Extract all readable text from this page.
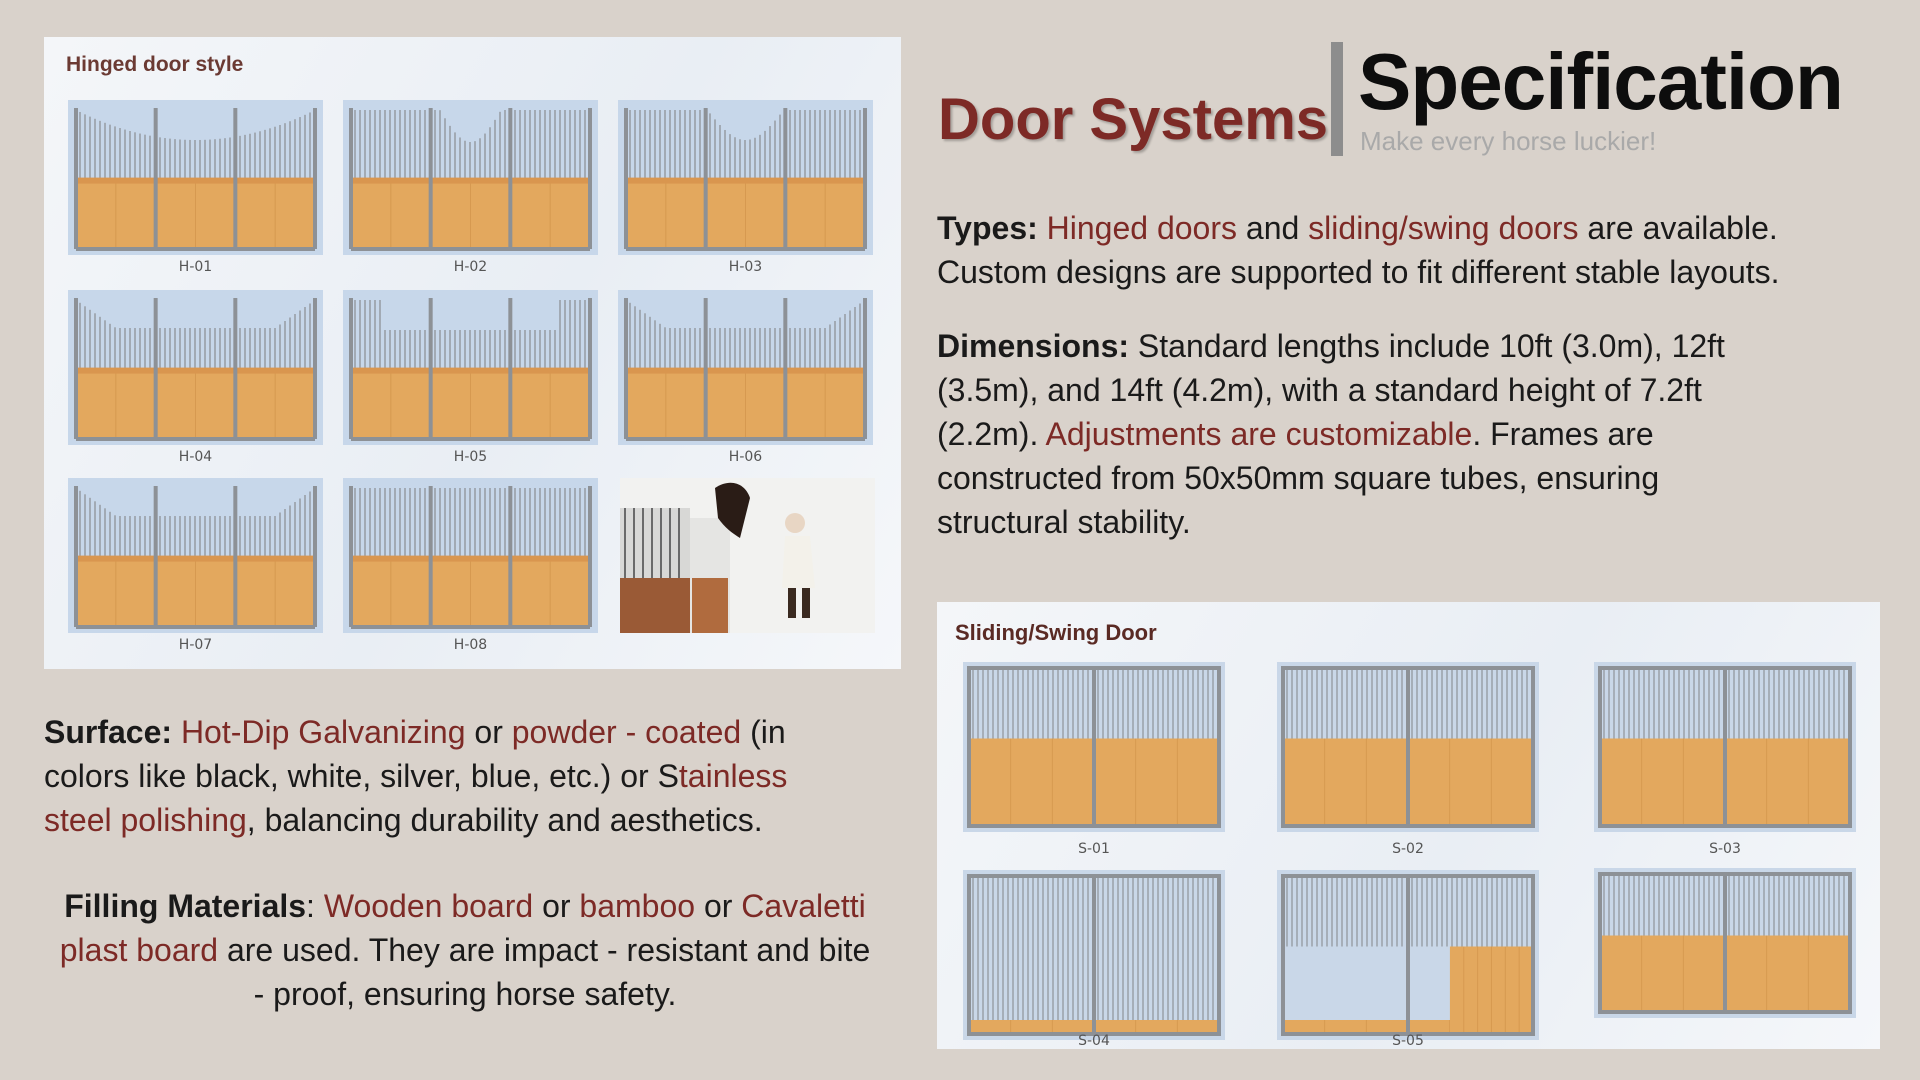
Hinged door style
Sliding/Swing Door
Door Systems Specification
Make every horse luckier!
Types: Hinged doors and sliding/swing doors are available.
Custom designs are supported to fit different stable layouts.
Dimensions: Standard lengths include 10ft (3.0m), 12ft
(3.5m), and 14ft (4.2m), with a standard height of 7.2ft
(2.2m). Adjustments are customizable. Frames are
constructed from 50x50mm square tubes, ensuring
structural stability.
Surface: Hot-Dip Galvanizing or powder - coated (in
colors like black, white, silver, blue, etc.) or Stainless
steel polishing, balancing durability and aesthetics.
Filling Materials: Wooden board or bamboo or Cavaletti
plast board are used. They are impact - resistant and bite
- proof, ensuring horse safety.
H-01	H-02	H-03
H-04	H-05	H-06
H-07	H-08
S-01	S-02	S-03
S-04	S-05
